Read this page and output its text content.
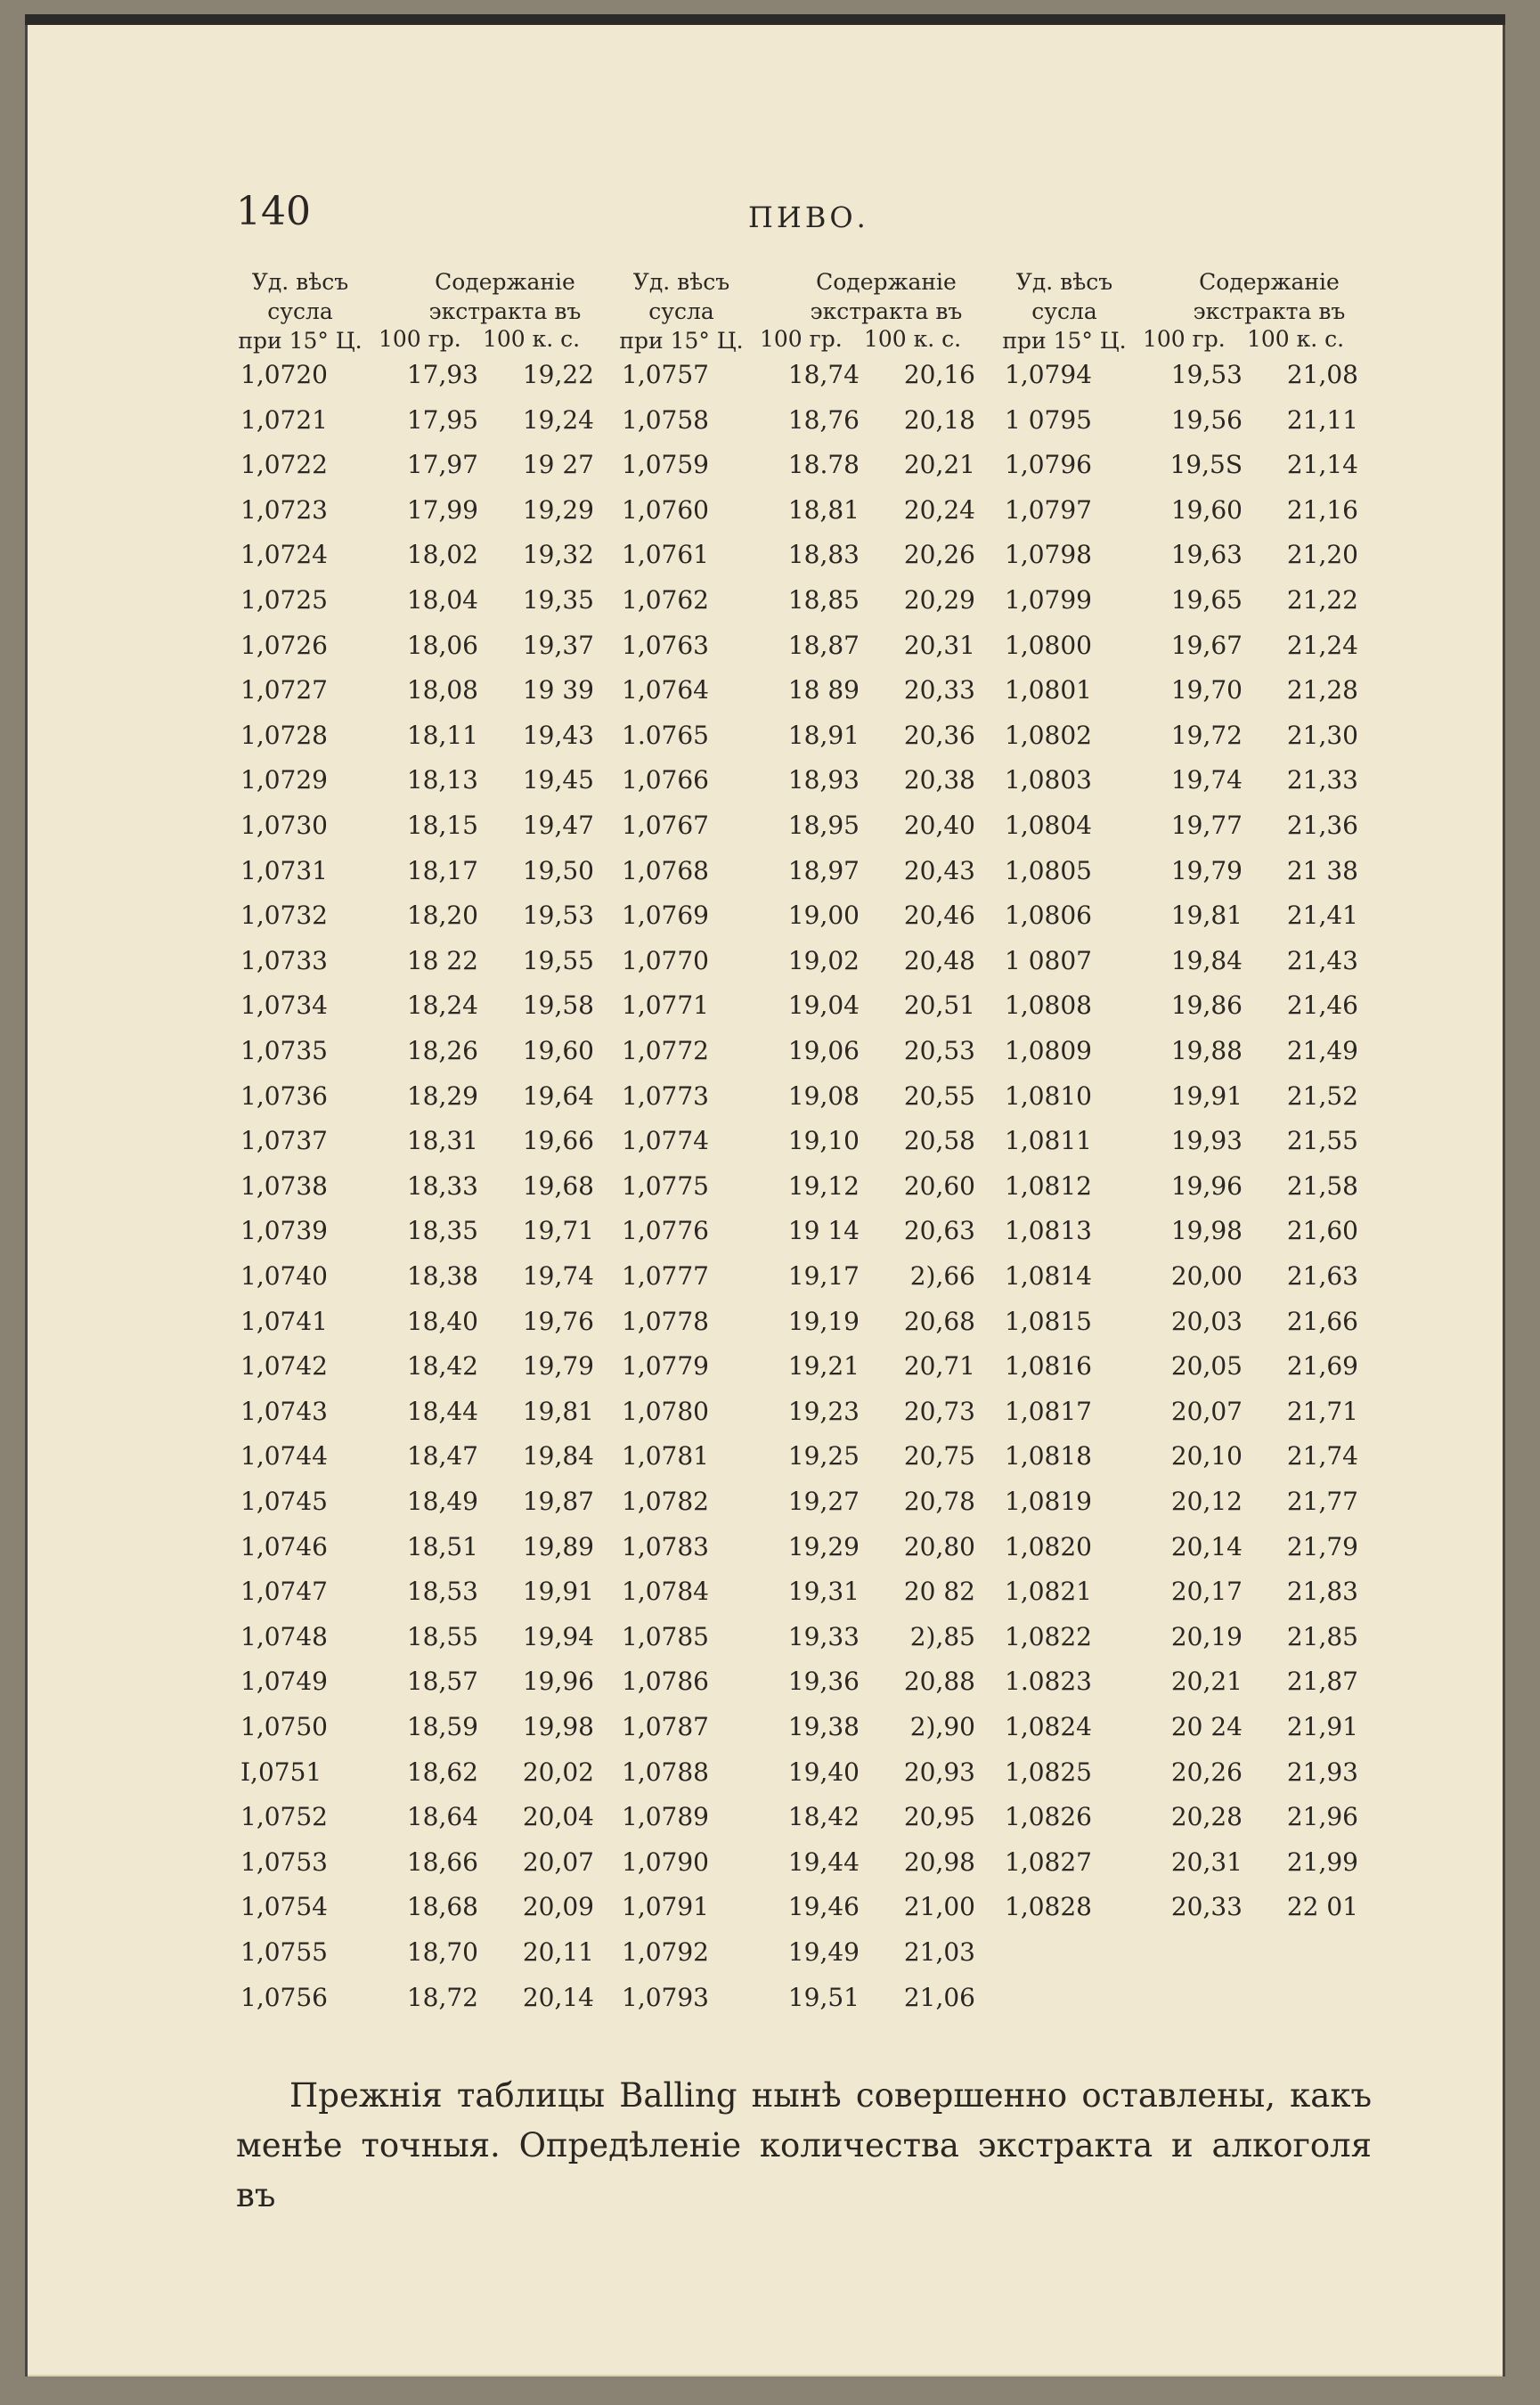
140	ПИВО.
Уд. вѣсъ
сусла
при 15° Ц.
Содержаніе
экстракта въ
100 гр. 100 к. с.
1,0720	17,93	19,22
1,0721	17,95	19,24
1,0722	17,97	19 27
1,0723	17,99	19,29
1,0724	18,02	19,32
1,0725	18,04	19,35
1,0726	18,06	19,37
1,0727	18,08	19 39
1,0728	18,11	19,43
1,0729	18,13	19,45
1,0730	18,15	19,47
1,0731	18,17	19,50
1,0732	18,20	19,53
1,0733	18 22	19,55
1,0734	18,24	19,58
1,0735	18,26	19,60
1,0736	18,29	19,64
1,0737	18,31	19,66
1,0738	18,33	19,68
1,0739	18,35	19,71
1,0740	18,38	19,74
1,0741	18,40	19,76
1,0742	18,42	19,79
1,0743	18,44	19,81
1,0744	18,47	19,84
1,0745	18,49	19,87
1,0746	18,51	19,89
1,0747	18,53	19,91
1,0748	18,55	19,94
1,0749	18,57	19,96
1,0750	18,59	19,98
I,0751	18,62	20,02
1,0752	18,64	20,04
1,0753	18,66	20,07
1,0754	18,68	20,09
1,0755	18,70	20,11
1,0756	18,72	20,14
Уд. вѣсъ
сусла
при 15° Ц.
Содержаніе
экстракта въ
100 гр. 100 к. с.
1,0757	18,74	20,16
1,0758	18,76	20,18
1,0759	18.78	20,21
1,0760	18,81	20,24
1,0761	18,83	20,26
1,0762	18,85	20,29
1,0763	18,87	20,31
1,0764	18 89	20,33
1.0765	18,91	20,36
1,0766	18,93	20,38
1,0767	18,95	20,40
1,0768	18,97	20,43
1,0769	19,00	20,46
1,0770	19,02	20,48
1,0771	19,04	20,51
1,0772	19,06	20,53
1,0773	19,08	20,55
1,0774	19,10	20,58
1,0775	19,12	20,60
1,0776	19 14	20,63
1,0777	19,17	2),66
1,0778	19,19	20,68
1,0779	19,21	20,71
1,0780	19,23	20,73
1,0781	19,25	20,75
1,0782	19,27	20,78
1,0783	19,29	20,80
1,0784	19,31	20 82
1,0785	19,33	2),85
1,0786	19,36	20,88
1,0787	19,38	2),90
1,0788	19,40	20,93
1,0789	18,42	20,95
1,0790	19,44	20,98
1,0791	19,46	21,00
1,0792	19,49	21,03
1,0793	19,51	21,06
Уд. вѣсъ
сусла
при 15° Ц.
Содержаніе
экстракта въ
100 гр. 100 к. с.
1,0794	19,53	21,08
1 0795	19,56	21,11
1,0796	19,5S	21,14
1,0797	19,60	21,16
1,0798	19,63	21,20
1,0799	19,65	21,22
1,0800	19,67	21,24
1,0801	19,70	21,28
1,0802	19,72	21,30
1,0803	19,74	21,33
1,0804	19,77	21,36
1,0805	19,79	21 38
1,0806	19,81	21,41
1 0807	19,84	21,43
1,0808	19,86	21,46
1,0809	19,88	21,49
1,0810	19,91	21,52
1,0811	19,93	21,55
1,0812	19,96	21,58
1,0813	19,98	21,60
1,0814	20,00	21,63
1,0815	20,03	21,66
1,0816	20,05	21,69
1,0817	20,07	21,71
1,0818	20,10	21,74
1,0819	20,12	21,77
1,0820	20,14	21,79
1,0821	20,17	21,83
1,0822	20,19	21,85
1.0823	20,21	21,87
1,0824	20 24	21,91
1,0825	20,26	21,93
1,0826	20,28	21,96
1,0827	20,31	21,99
1,0828	20,33	22 01
Прежнія таблицы Balling нынѣ совершенно оставлены, какъ менѣе точныя. Опредѣленіе количества экстракта и алкоголя въ
